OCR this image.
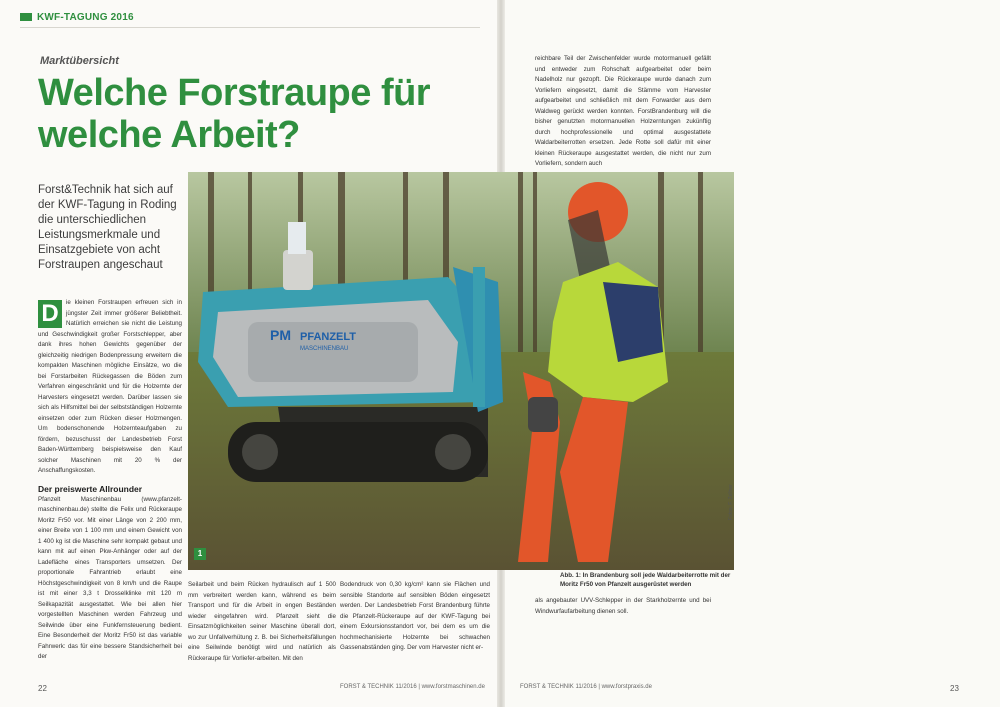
KWF-TAGUNG 2016
Marktübersicht
Welche Forstraupe für welche Arbeit?
Forst&Technik hat sich auf der KWF-Tagung in Roding die unterschiedlichen Leistungsmerkmale und Einsatzgebiete von acht Forstraupen angeschaut
D	ie kleinen Forstraupen erfreuen sich in jüngster Zeit immer größerer Beliebtheit. Natürlich erreichen sie nicht die Leistung und Geschwindigkeit großer Forstschlepper, aber dank ihres hohen Gewichts gegenüber der gleichzeitig niedrigen Bodenpressung erweitern die kompakten Maschinen mögliche Einsätze, wo die bei Forstarbeiten Rückegassen die Böden zum Verfahren eingeschränkt und für die Holzernte der Harvesters eingesetzt werden. Darüber lassen sie sich als Hilfsmittel bei der selbstständigen Holzernte einsetzen oder zum Rücken dieser Holzmengen. Um bodenschonende Holzernteaufgaben zu fördern, bezuschusst der Landesbetrieb Forst Baden-Württemberg beispielsweise den Kauf solcher Maschinen mit 20 % der Anschaffungskosten.

Der preiswerte Allrounder

Pfanzelt Maschinenbau (www.pfanzelt-maschinenbau.de) stellte die Felix und Rückeraupe Moritz Fr50 vor. Mit einer Länge von 2 200 mm, einer Breite von 1 100 mm und einem Gewicht von 1 400 kg ist die Maschine sehr kompakt gebaut und kann mit auf einen Pkw-Anhänger oder auf der Ladefläche eines Transporters umsetzen. Der proportionale Fahrantrieb erlaubt eine Höchstgeschwindigkeit von 8 km/h und die Raupe ist mit einer 3,3 t Drosselklinke mit 120 m Seilkapazität ausgestattet. Wie bei allen hier vorgestellten Maschinen werden Fahrzeug und Seilwinde über eine Funkfernsteuerung bedient. Eine Besonderheit der Moritz Fr50 ist das variable Fahrwerk: das für eine bessere Standsicherheit bei der

Seilarbeit und beim Rücken hydraulisch auf 1 500 mm verbreitert werden kann, während es beim Transport und für die Arbeit in engen Beständen wieder eingefahren wird. Pfanzelt sieht die Einsatzmöglichkeiten seiner Maschine überall dort, wo zur Unfallverhütung z. B. bei Sicherheitsfällungen eine Seilwinde benötigt wird und natürlich als Rückeraupe für Vorliefer-arbeiten. Mit den

Bodendruck von 0,30 kg/cm² kann sie Flächen und sensible Standorte auf sensiblen Böden eingesetzt werden. Der Landesbetrieb Forst Brandenburg führte die Pfanzelt-Rückeraupe auf der KWF-Tagung bei einem Exkursionsstandort vor, bei dem es um die hochmechanisierte Holzernte bei schwachen Gassenabständen ging. Der vom Harvester nicht er-

reichbare Teil der Zwischenfelder wurde motormanuell gefällt und entweder zum Rohschaft aufgearbeitet oder beim Nadelholz nur gezopft. Die Rückeraupe wurde danach zum Vorliefern eingesetzt, damit die Stämme vom Harvester aufgearbeitet und schließlich mit dem Forwarder aus dem Waldweg gerückt werden konnten. ForstBrandenburg will die bisher genutzten motormanuellen Holzerntungen zukünftig durch hochprofessionelle und optimal ausgestattete Waldarbeiterrotten ersetzen. Jede Rotte soll dafür mit einer kleinen Rückeraupe ausgestattet werden, die nicht nur zum Vorliefern, sondern auch

als angebauter UVV-Schlepper in der Starkholzernte und bei Windwurfaufarbeitung dienen soll.

PM PFANZELT
MASCHINENBAU
1
Fotos: F. Zellner
Abb. 1: In Brandenburg soll jede Waldarbeiterrotte mit der Moritz Fr50 von Pfanzelt ausgerüstet werden
22	FORST & TECHNIK 11/2016 | www.forstmaschinen.de	FORST & TECHNIK 11/2016 | www.forstpraxis.de	23
